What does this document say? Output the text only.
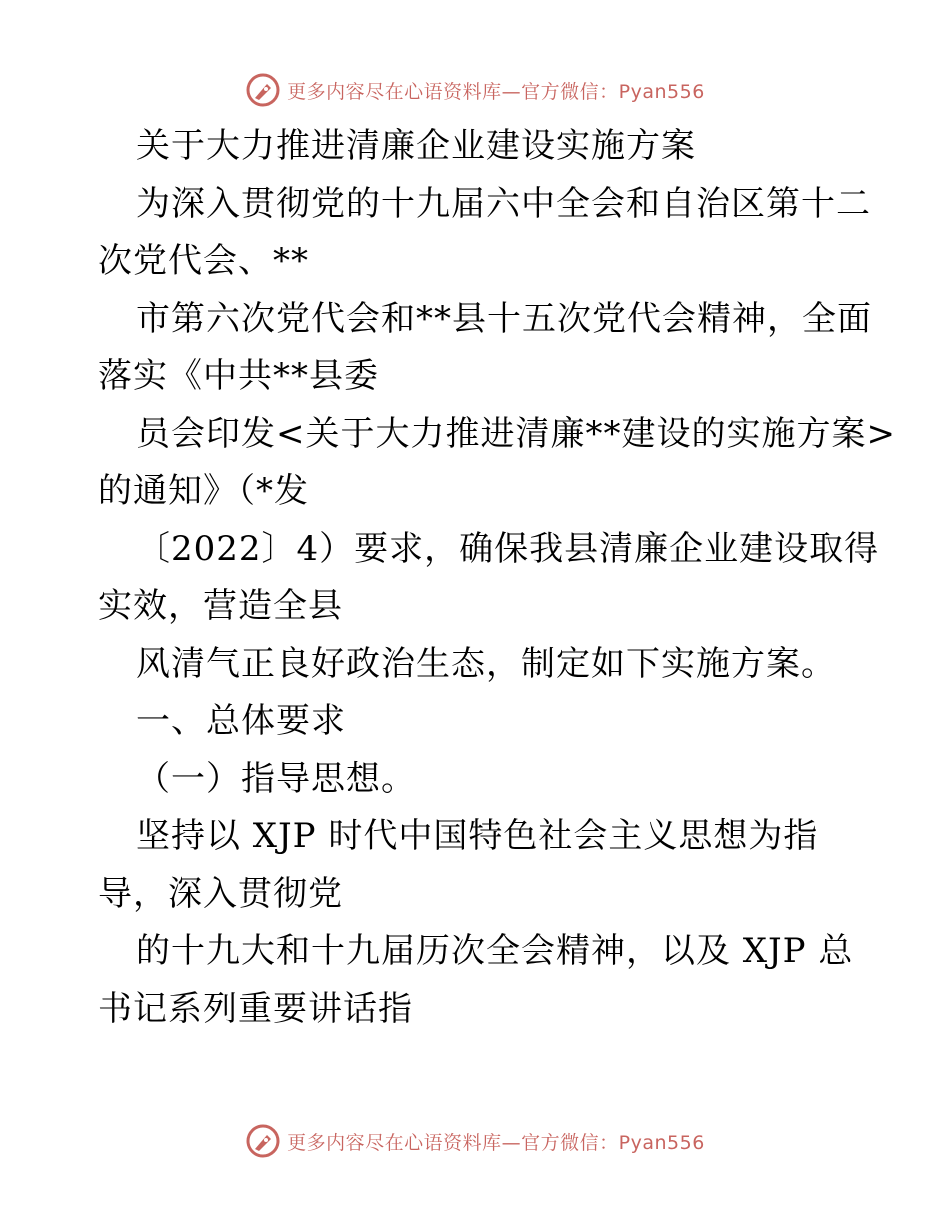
更多内容尽在心语资料库—官方微信：Pyan556
关于大力推进清廉企业建设实施方案
为深入贯彻党的十九届六中全会和自治区第十二
次党代会、**
市第六次党代会和**县十五次党代会精神，全面
落实《中共**县委
员会印发<关于大力推进清廉**建设的实施方案>
的通知》（*发
〔2022〕4）要求，确保我县清廉企业建设取得
实效，营造全县
风清气正良好政治生态，制定如下实施方案。
一、总体要求
（一）指导思想。
坚持以 XJP 时代中国特色社会主义思想为指
导，深入贯彻党
的十九大和十九届历次全会精神，以及 XJP 总
书记系列重要讲话指
更多内容尽在心语资料库—官方微信：Pyan556
